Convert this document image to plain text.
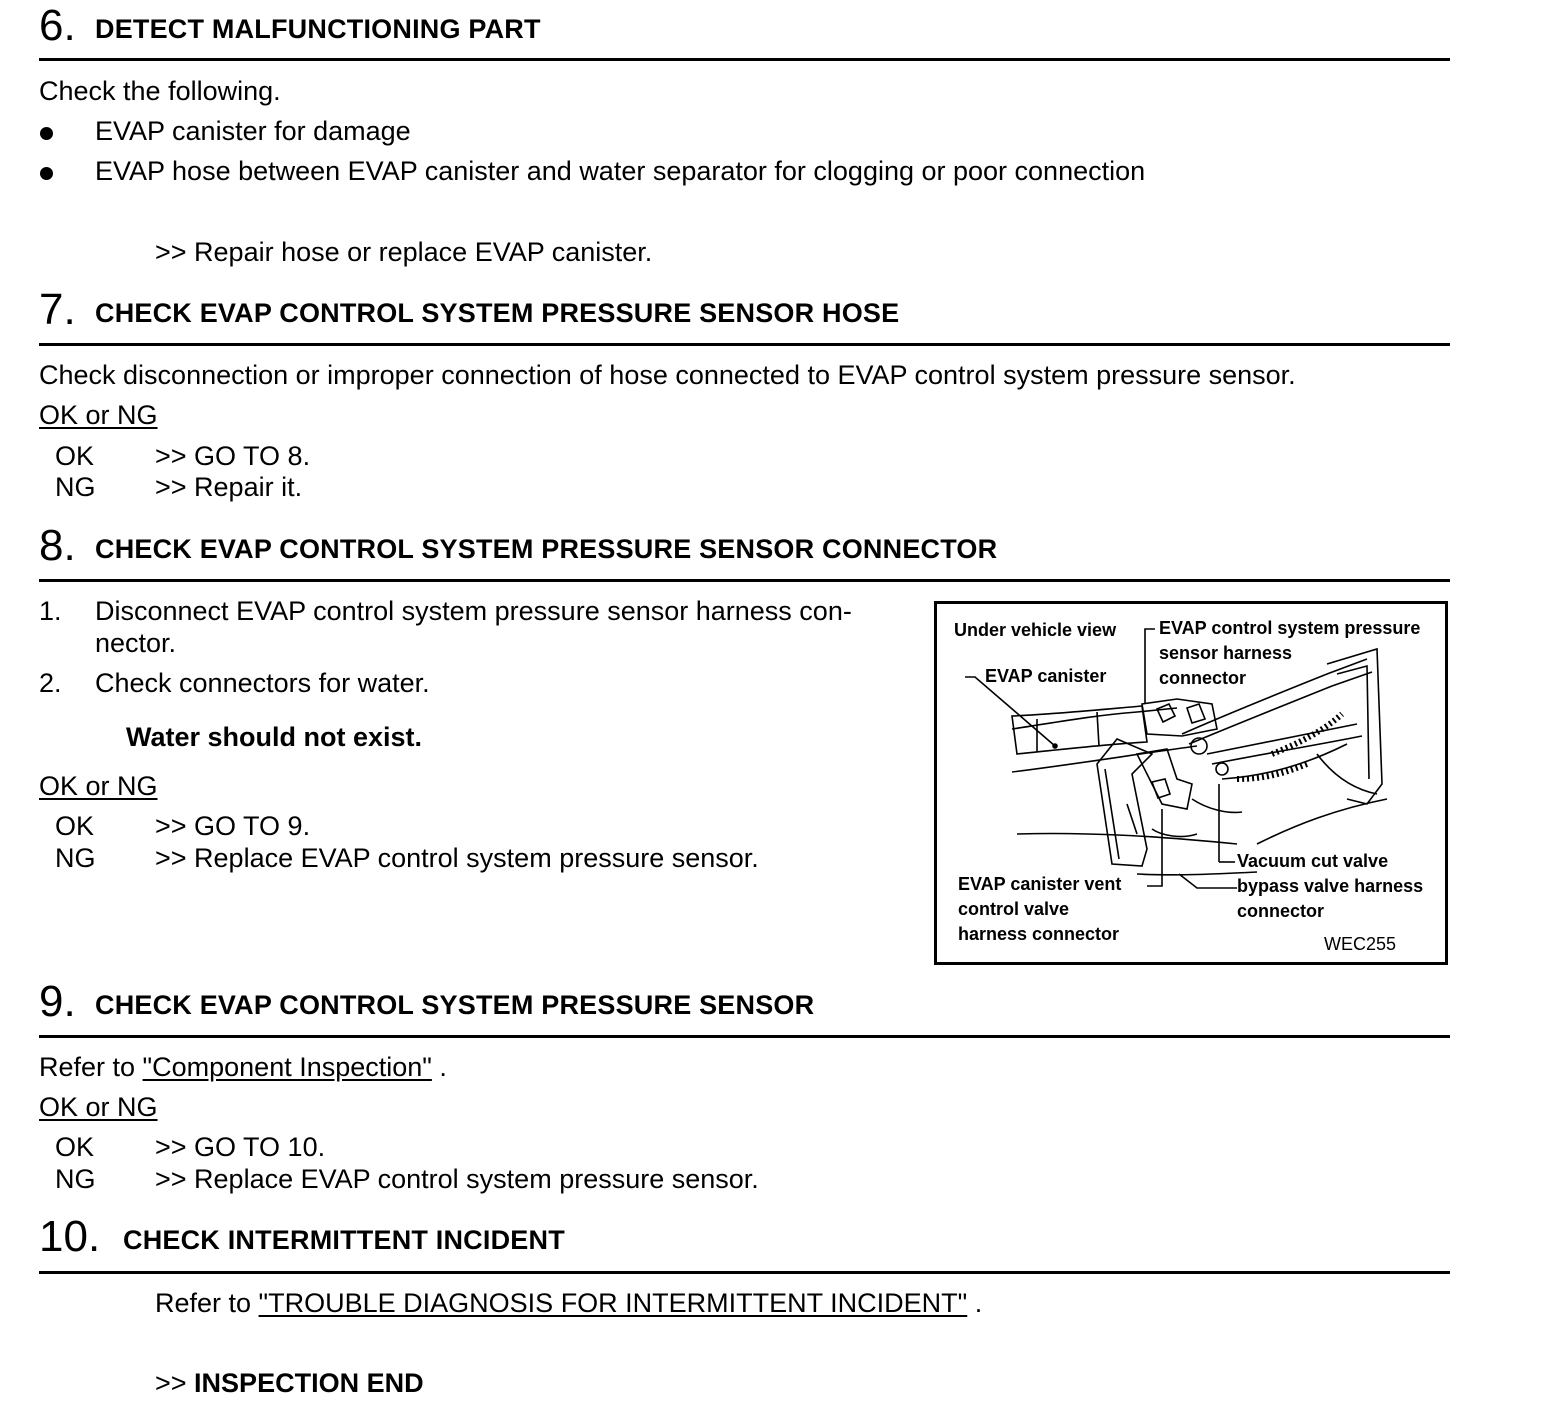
6. DETECT MALFUNCTIONING PART
Check the following.
EVAP canister for damage
EVAP hose between EVAP canister and water separator for clogging or poor connection
>> Repair hose or replace EVAP canister.
7. CHECK EVAP CONTROL SYSTEM PRESSURE SENSOR HOSE
Check disconnection or improper connection of hose connected to EVAP control system pressure sensor.
OK or NG
OK >> GO TO 8.
NG >> Repair it.
8. CHECK EVAP CONTROL SYSTEM PRESSURE SENSOR CONNECTOR
1. Disconnect EVAP control system pressure sensor harness con-
nector.
2. Check connectors for water.
Water should not exist.
OK or NG
OK >> GO TO 9.
NG >> Replace EVAP control system pressure sensor.
Under vehicle view EVAP control system pressure
sensor harness
connector
EVAP canister
EVAP canister vent
control valve
harness connector
Vacuum cut valve
bypass valve harness
connector
WEC255
9. CHECK EVAP CONTROL SYSTEM PRESSURE SENSOR
Refer to "Component Inspection" .
OK or NG
OK >> GO TO 10.
NG >> Replace EVAP control system pressure sensor.
10. CHECK INTERMITTENT INCIDENT
Refer to "TROUBLE DIAGNOSIS FOR INTERMITTENT INCIDENT" .
>> INSPECTION END
